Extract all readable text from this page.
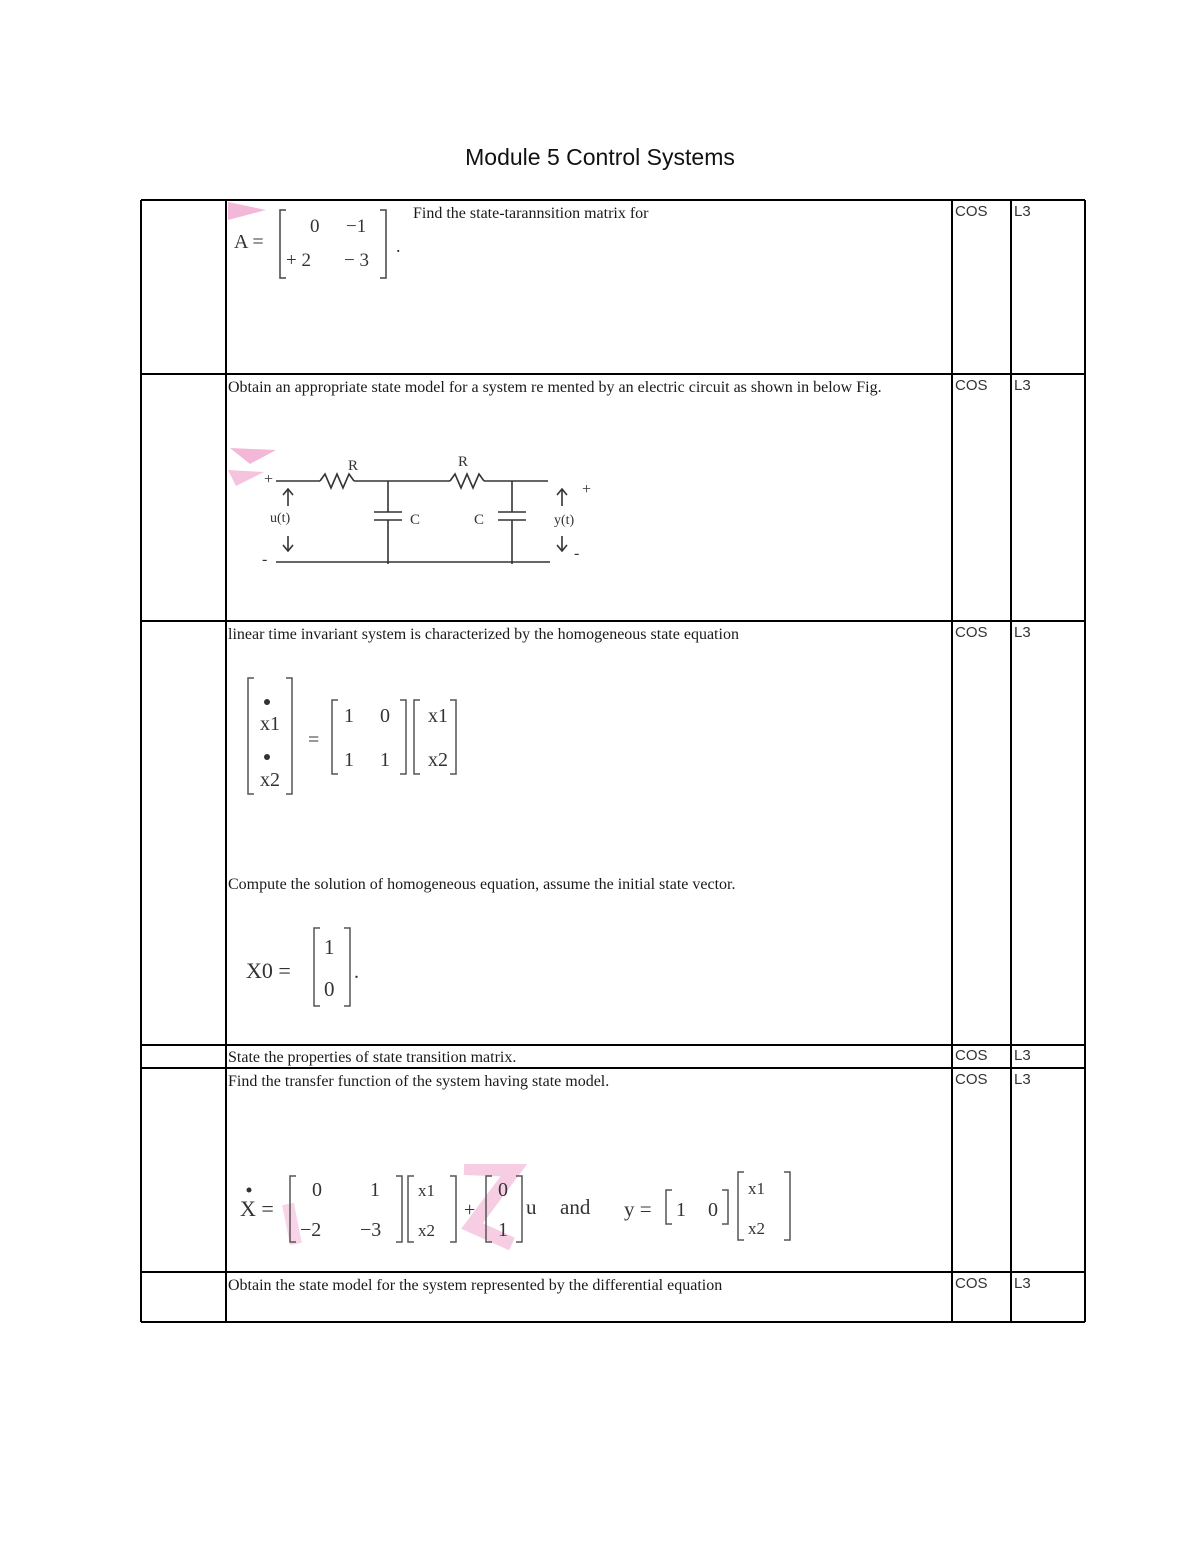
Module 5 Control Systems
Find the state-tarannsition matrix for	COS L3
A =
0 −1
+ 2 − 3
.
Obtain an appropriate state model for a system re mented by an electric circuit as shown in below Fig.	COS L3
+
+
-	-
R	R
C	C
u(t)	y(t)
linear time invariant system is characterized by the homogeneous state equation	COS L3
x1
x2
=
1 0
1 1
x1
x2
Compute the solution of homogeneous equation, assume the initial state vector.
X0 =
1
0
.
State the properties of state transition matrix.	COS L3
Find the transfer function of the system having state model.	COS L3
X =
0 1
−2 −3
x1
x2
+
0
1
u and y = 1 0
x1
x2
Obtain the state model for the system represented by the differential equation	COS L3
